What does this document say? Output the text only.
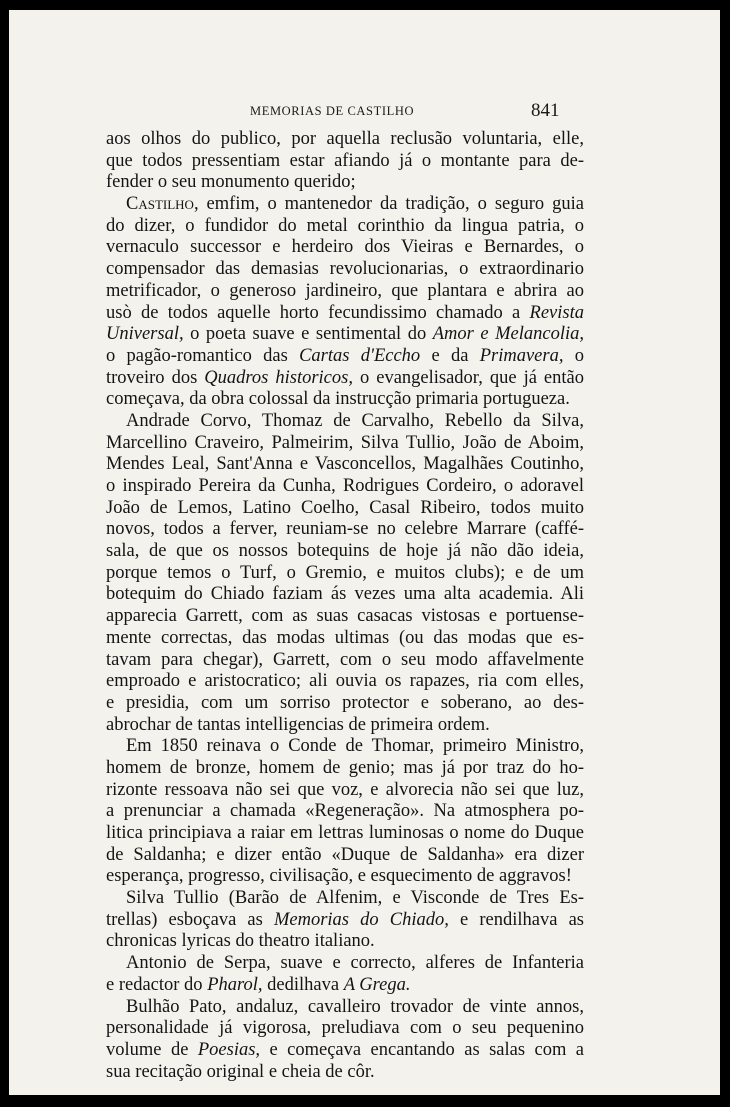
MEMORIAS DE CASTILHO	841
aos olhos do publico, por aquella reclusão voluntaria, elle,
que todos pressentiam estar afiando já o montante para de-
fender o seu monumento querido;
Castilho, emfim, o mantenedor da tradição, o seguro guia
do dizer, o fundidor do metal corinthio da lingua patria, o
vernaculo successor e herdeiro dos Vieiras e Bernardes, o
compensador das demasias revolucionarias, o extraordinario
metrificador, o generoso jardineiro, que plantara e abrira ao
usò de todos aquelle horto fecundissimo chamado a Revista
Universal, o poeta suave e sentimental do Amor e Melancolia,
o pagão-romantico das Cartas d'Eccho e da Primavera, o
troveiro dos Quadros historicos, o evangelisador, que já então
começava, da obra colossal da instrucção primaria portugueza.
Andrade Corvo, Thomaz de Carvalho, Rebello da Silva,
Marcellino Craveiro, Palmeirim, Silva Tullio, João de Aboim,
Mendes Leal, Sant'Anna e Vasconcellos, Magalhães Coutinho,
o inspirado Pereira da Cunha, Rodrigues Cordeiro, o adoravel
João de Lemos, Latino Coelho, Casal Ribeiro, todos muito
novos, todos a ferver, reuniam-se no celebre Marrare (caffé-
sala, de que os nossos botequins de hoje já não dão ideia,
porque temos o Turf, o Gremio, e muitos clubs); e de um
botequim do Chiado faziam ás vezes uma alta academia. Ali
apparecia Garrett, com as suas casacas vistosas e portuense-
mente correctas, das modas ultimas (ou das modas que es-
tavam para chegar), Garrett, com o seu modo affavelmente
emproado e aristocratico; ali ouvia os rapazes, ria com elles,
e presidia, com um sorriso protector e soberano, ao des-
abrochar de tantas intelligencias de primeira ordem.
Em 1850 reinava o Conde de Thomar, primeiro Ministro,
homem de bronze, homem de genio; mas já por traz do ho-
rizonte ressoava não sei que voz, e alvorecia não sei que luz,
a prenunciar a chamada «Regeneração». Na atmosphera po-
litica principiava a raiar em lettras luminosas o nome do Duque
de Saldanha; e dizer então «Duque de Saldanha» era dizer
esperança, progresso, civilisação, e esquecimento de aggravos!
Silva Tullio (Barão de Alfenim, e Visconde de Tres Es-
trellas) esboçava as Memorias do Chiado, e rendilhava as
chronicas lyricas do theatro italiano.
Antonio de Serpa, suave e correcto, alferes de Infanteria
e redactor do Pharol, dedilhava A Grega.
Bulhão Pato, andaluz, cavalleiro trovador de vinte annos,
personalidade já vigorosa, preludiava com o seu pequenino
volume de Poesias, e começava encantando as salas com a
sua recitação original e cheia de côr.
